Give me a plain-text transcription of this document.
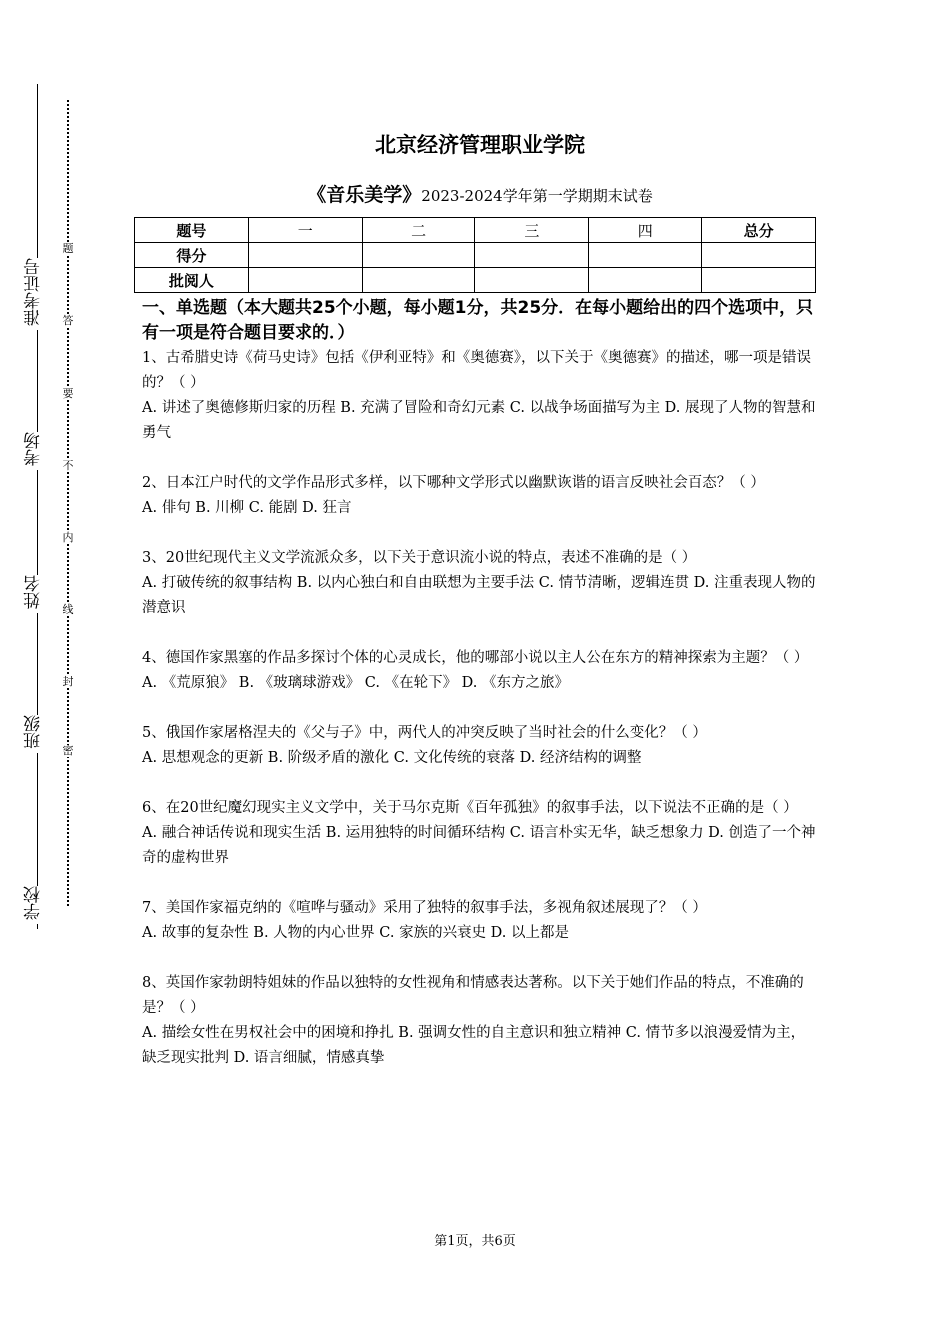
准考证号
考场
姓名
班级
学校
题
答
要
不
内
线
封
密
北京经济管理职业学院
《音乐美学》2023-2024学年第一学期期末试卷
题号	一	二	三	四	总分
得分					
批阅人					
一、单选题（本大题共25个小题，每小题1分，共25分．在每小题给出的四个选项中，只有一项是符合题目要求的．）

1、古希腊史诗《荷马史诗》包括《伊利亚特》和《奥德赛》，以下关于《奥德赛》的描述，哪一项是错误的？（ ）

A. 讲述了奥德修斯归家的历程 B. 充满了冒险和奇幻元素 C. 以战争场面描写为主 D. 展现了人物的智慧和勇气

2、日本江户时代的文学作品形式多样，以下哪种文学形式以幽默诙谐的语言反映社会百态？（ ）

A. 俳句 B. 川柳 C. 能剧 D. 狂言

3、20世纪现代主义文学流派众多，以下关于意识流小说的特点，表述不准确的是（ ）

A. 打破传统的叙事结构 B. 以内心独白和自由联想为主要手法 C. 情节清晰，逻辑连贯 D. 注重表现人物的潜意识

4、德国作家黑塞的作品多探讨个体的心灵成长，他的哪部小说以主人公在东方的精神探索为主题？（ ）

A. 《荒原狼》 B. 《玻璃球游戏》 C. 《在轮下》 D. 《东方之旅》

5、俄国作家屠格涅夫的《父与子》中，两代人的冲突反映了当时社会的什么变化？（ ）

A. 思想观念的更新 B. 阶级矛盾的激化 C. 文化传统的衰落 D. 经济结构的调整

6、在20世纪魔幻现实主义文学中，关于马尔克斯《百年孤独》的叙事手法，以下说法不正确的是（ ）

A. 融合神话传说和现实生活 B. 运用独特的时间循环结构 C. 语言朴实无华，缺乏想象力 D. 创造了一个神奇的虚构世界

7、美国作家福克纳的《喧哗与骚动》采用了独特的叙事手法，多视角叙述展现了？（ ）

A. 故事的复杂性 B. 人物的内心世界 C. 家族的兴衰史 D. 以上都是

8、英国作家勃朗特姐妹的作品以独特的女性视角和情感表达著称。以下关于她们作品的特点，不准确的是？（ ）

A. 描绘女性在男权社会中的困境和挣扎 B. 强调女性的自主意识和独立精神 C. 情节多以浪漫爱情为主，缺乏现实批判 D. 语言细腻，情感真挚

第1页，共6页
